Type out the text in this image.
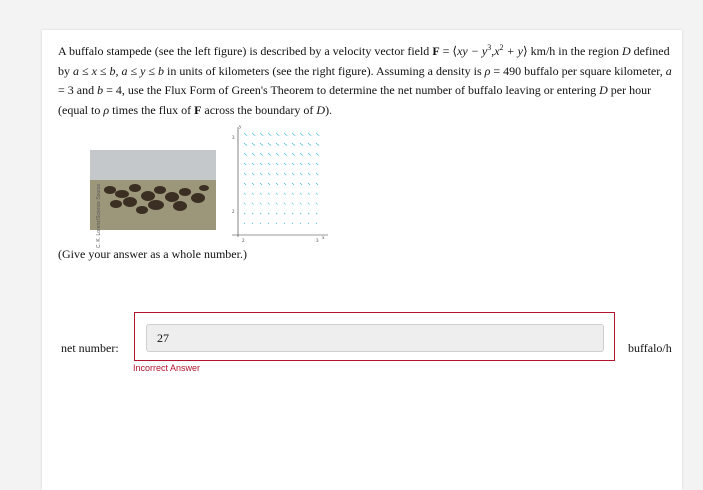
A buffalo stampede (see the left figure) is described by a velocity vector field F = ⟨xy − $y^3,x^2$ + y⟩ km/h in the region D defined by a ≤ x ≤ b, a ≤ y ≤ b in units of kilometers (see the right figure). Assuming a density is ρ = 490 buffalo per square kilometer, a = 3 and b = 4, use the Flux Form of Green's Theorem to determine the net number of buffalo leaving or entering D per hour (equal to ρ times the flux of F across the boundary of D).
C. K. Lorenz/Science Source
y
x
3
2
2	3
(Give your answer as a whole number.)
net number:
27	buffalo/h
Incorrect Answer
